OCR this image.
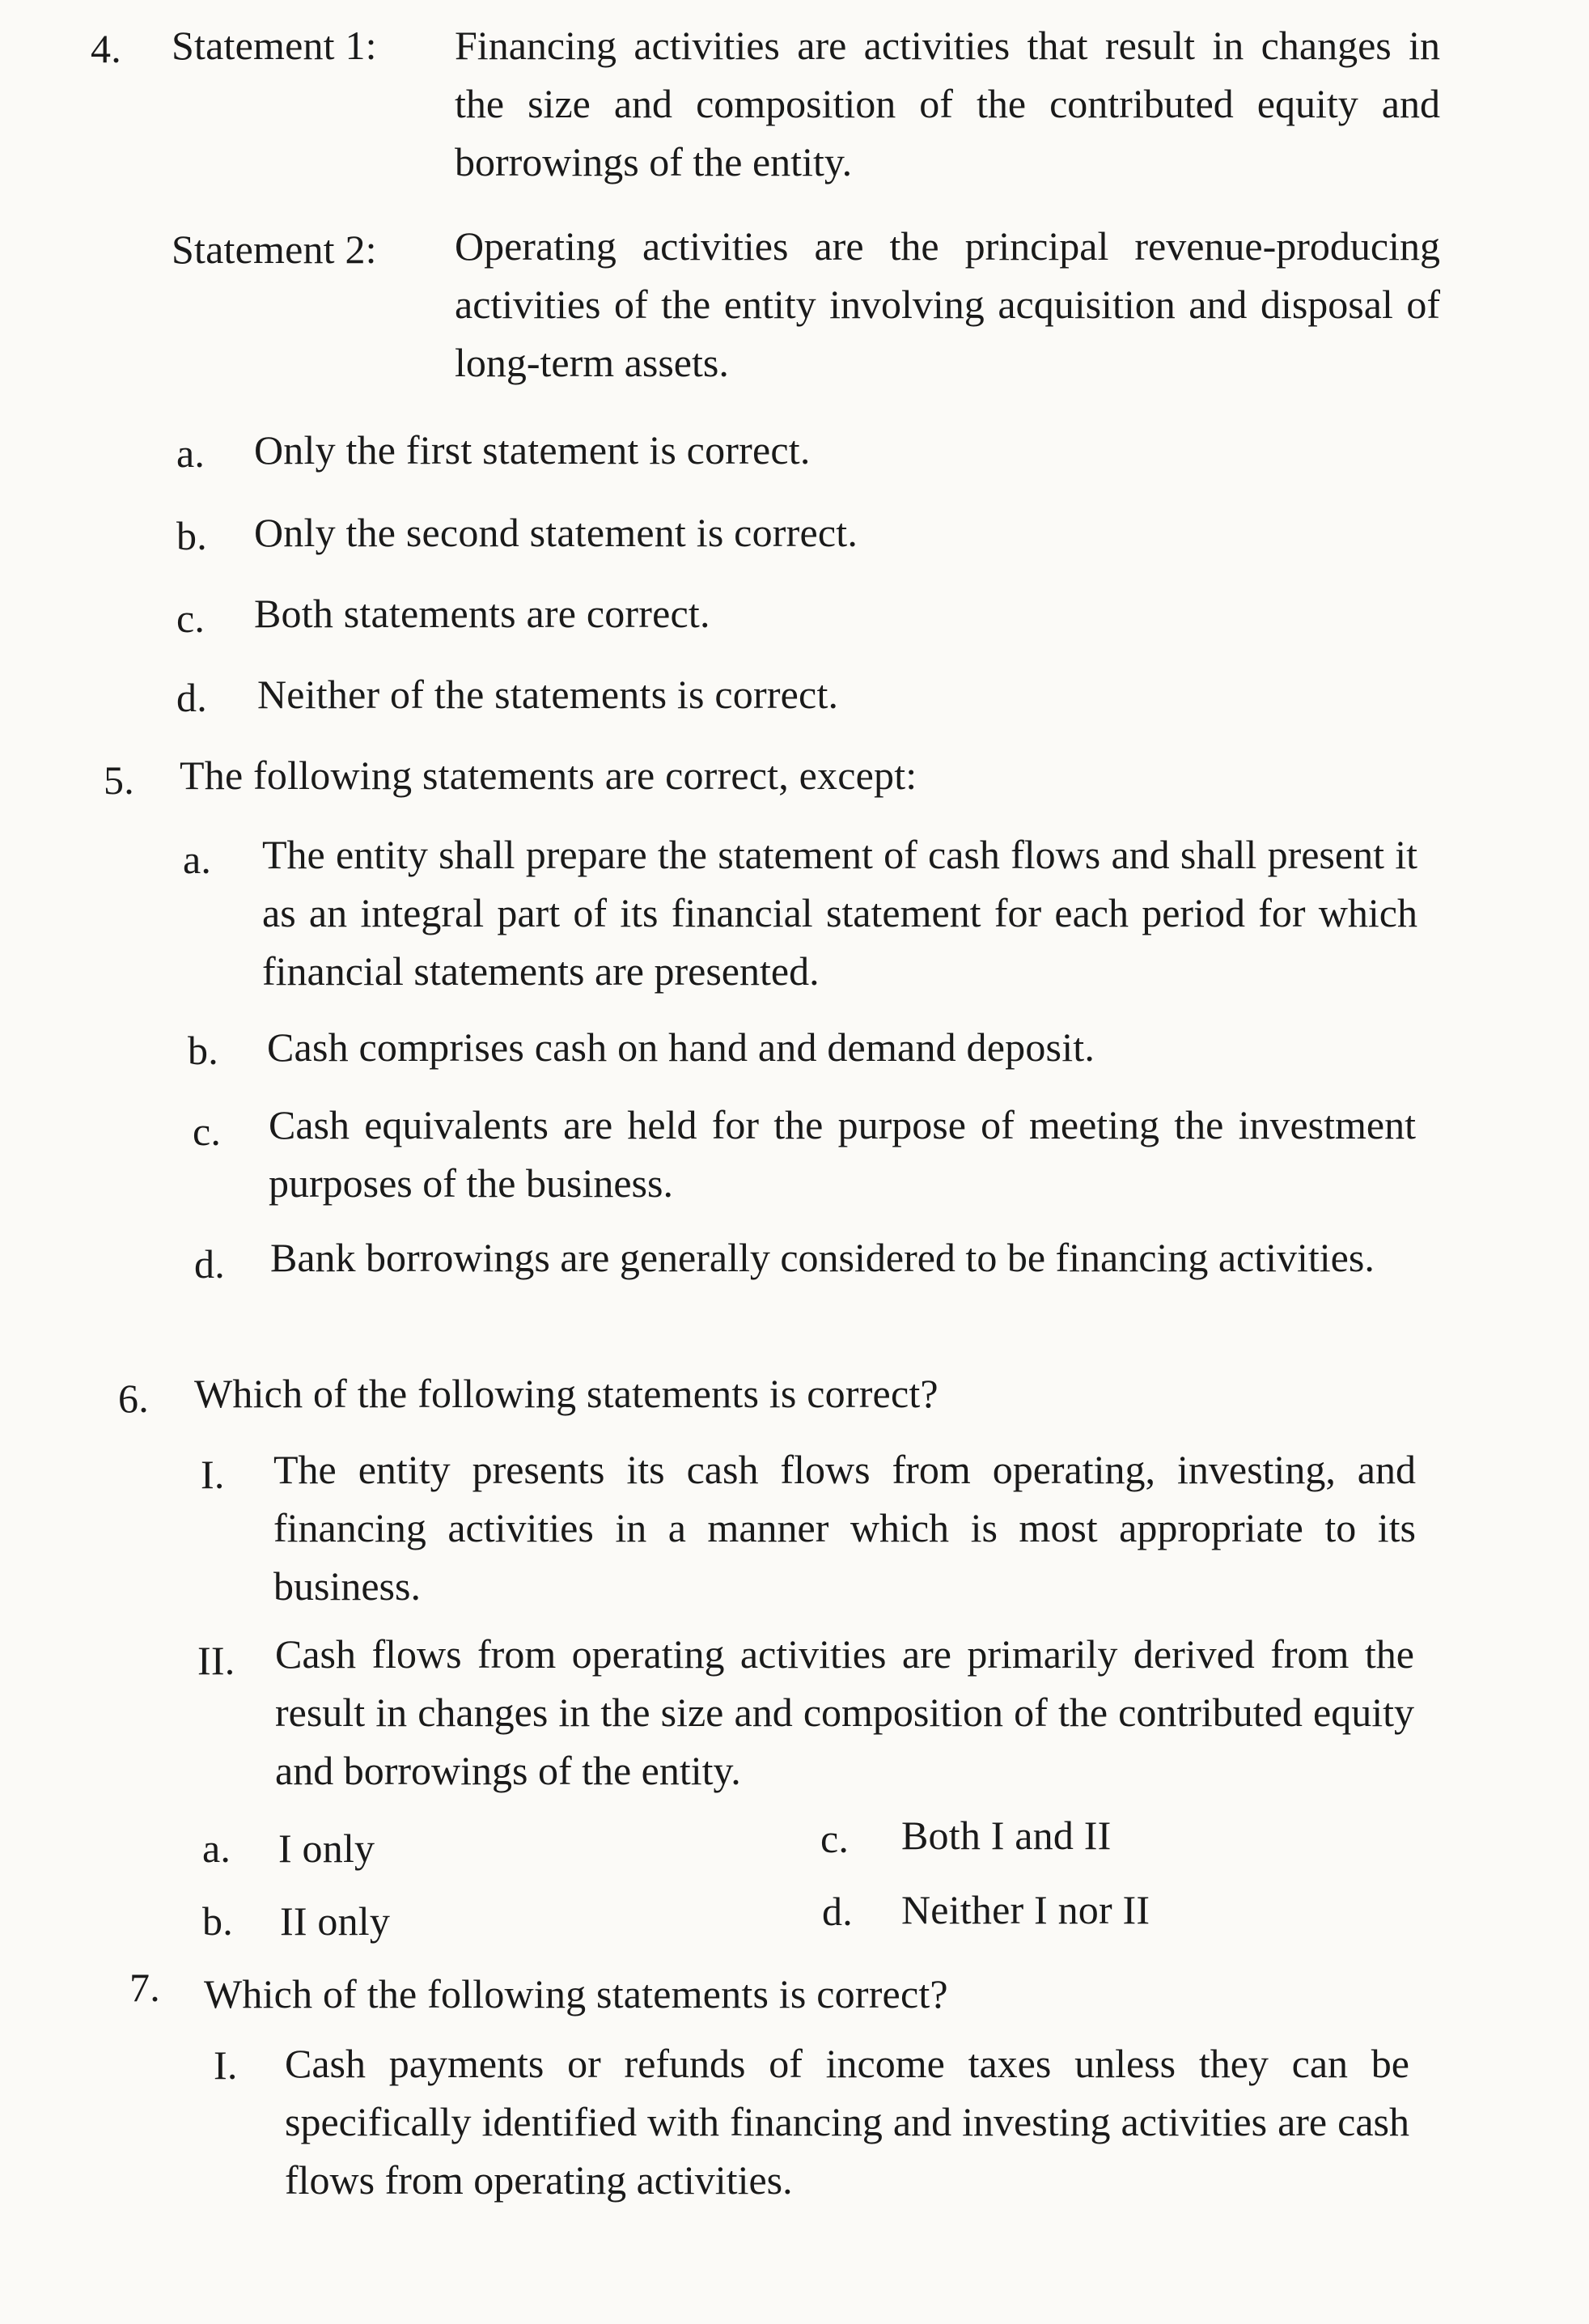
4. Statement 1: Financing activities are activities that result in changes in the size and composition of the contributed equity and borrowings of the entity.
Statement 2: Operating activities are the principal revenue-producing activities of the entity involving acquisition and disposal of long-term assets.
a. Only the first statement is correct.
b. Only the second statement is correct.
c. Both statements are correct.
d. Neither of the statements is correct.
5. The following statements are correct, except:
a. The entity shall prepare the statement of cash flows and shall present it as an integral part of its financial statement for each period for which financial statements are presented.
b. Cash comprises cash on hand and demand deposit.
c. Cash equivalents are held for the purpose of meeting the investment purposes of the business.
d. Bank borrowings are generally considered to be financing activities.
6. Which of the following statements is correct?
I. The entity presents its cash flows from operating, investing, and financing activities in a manner which is most appropriate to its business.
II. Cash flows from operating activities are primarily derived from the result in changes in the size and composition of the contributed equity and borrowings of the entity.
a. I only
b. II only
c. Both I and II
d. Neither I nor II
7. Which of the following statements is correct?
I. Cash payments or refunds of income taxes unless they can be specifically identified with financing and investing activities are cash flows from operating activities.
